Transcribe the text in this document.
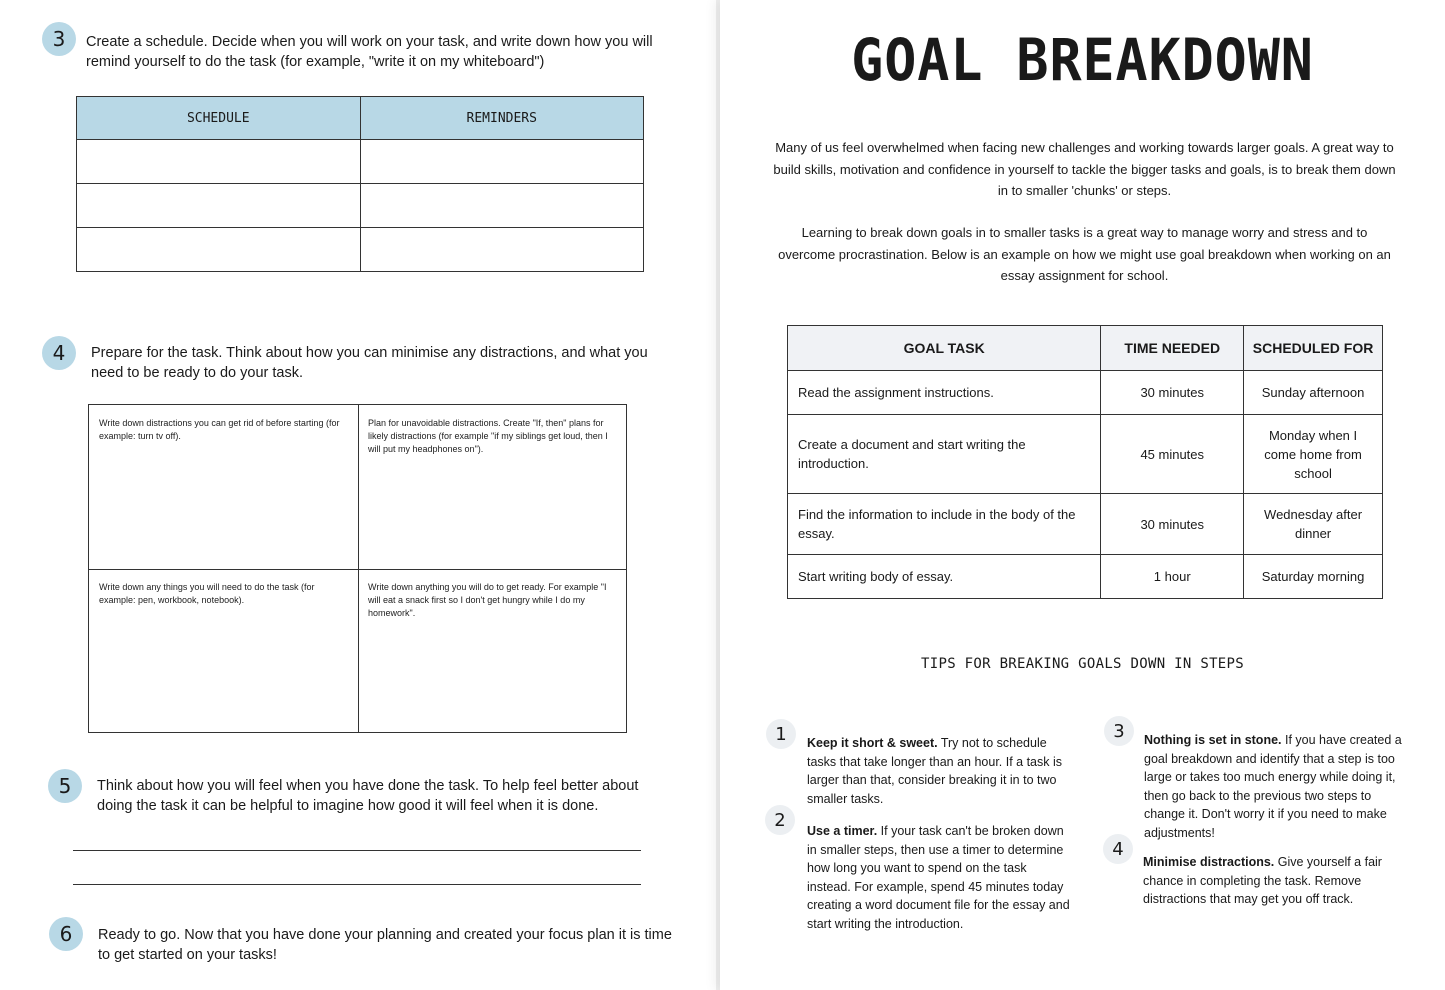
3 Create a schedule. Decide when you will work on your task, and write down how you will remind yourself to do the task (for example, "write it on my whiteboard")
SCHEDULE	REMINDERS

4 Prepare for the task. Think about how you can minimise any distractions, and what you need to be ready to do your task.
Write down distractions you can get rid of before starting (for example: turn tv off).
Plan for unavoidable distractions. Create "If, then" plans for likely distractions (for example "if my siblings get loud, then I will put my headphones on").
Write down any things you will need to do the task (for example: pen, workbook, notebook).
Write down anything you will do to get ready. For example "I will eat a snack first so I don't get hungry while I do my homework".
5 Think about how you will feel when you have done the task. To help feel better about doing the task it can be helpful to imagine how good it will feel when it is done.
6 Ready to go. Now that you have done your planning and created your focus plan it is time to get started on your tasks!
GOAL BREAKDOWN
Many of us feel overwhelmed when facing new challenges and working towards larger goals. A great way to build skills, motivation and confidence in yourself to tackle the bigger tasks and goals, is to break them down in to smaller 'chunks' or steps.
Learning to break down goals in to smaller tasks is a great way to manage worry and stress and to overcome procrastination. Below is an example on how we might use goal breakdown when working on an essay assignment for school.
GOAL TASK	TIME NEEDED	SCHEDULED FOR
Read the assignment instructions.	30 minutes	Sunday afternoon
Create a document and start writing the introduction.	45 minutes	Monday when I come home from school
Find the information to include in the body of the essay.	30 minutes	Wednesday after dinner
Start writing body of essay.	1 hour	Saturday morning
TIPS FOR BREAKING GOALS DOWN IN STEPS
1 Keep it short & sweet. Try not to schedule tasks that take longer than an hour. If a task is larger than that, consider breaking it in to two smaller tasks.
2
Use a timer. If your task can't be broken down in smaller steps, then use a timer to determine how long you want to spend on the task instead. For example, spend 45 minutes today creating a word document file for the essay and start writing the introduction.
3 Nothing is set in stone. If you have created a goal breakdown and identify that a step is too large or takes too much energy while doing it, then go back to the previous two steps to change it. Don't worry it if you need to make adjustments!
4
Minimise distractions. Give yourself a fair chance in completing the task. Remove distractions that may get you off track.
